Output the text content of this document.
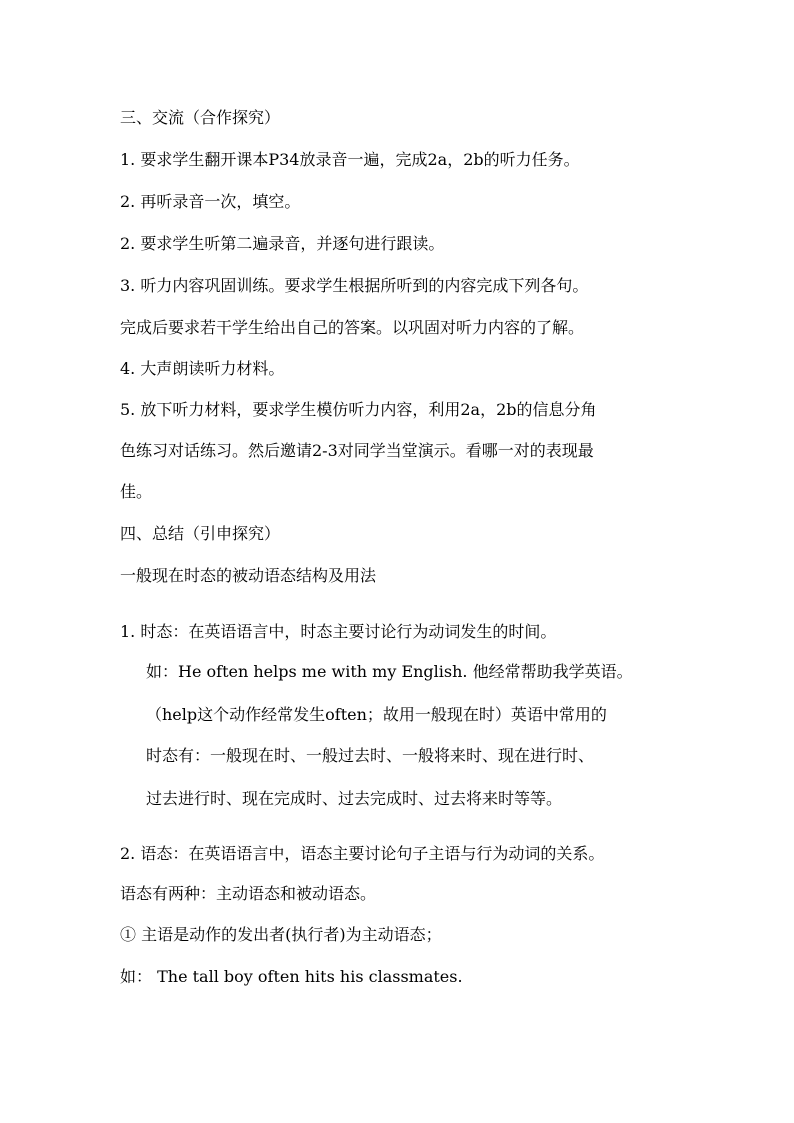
三、交流（合作探究）
1. 要求学生翻开课本P34放录音一遍，完成2a，2b的听力任务。
2. 再听录音一次，填空。
2. 要求学生听第二遍录音，并逐句进行跟读。
3. 听力内容巩固训练。要求学生根据所听到的内容完成下列各句。
完成后要求若干学生给出自己的答案。以巩固对听力内容的了解。
4. 大声朗读听力材料。
5. 放下听力材料，要求学生模仿听力内容，利用2a，2b的信息分角
色练习对话练习。然后邀请2-3对同学当堂演示。看哪一对的表现最
佳。
四、总结（引申探究）
一般现在时态的被动语态结构及用法
1. 时态：在英语语言中，时态主要讨论行为动词发生的时间。
如：He often helps me with my English. 他经常帮助我学英语。
（help这个动作经常发生often；故用一般现在时）英语中常用的
时态有：一般现在时、一般过去时、一般将来时、现在进行时、
过去进行时、现在完成时、过去完成时、过去将来时等等。
2. 语态：在英语语言中，语态主要讨论句子主语与行为动词的关系。
语态有两种：主动语态和被动语态。
① 主语是动作的发出者(执行者)为主动语态；
如： The tall boy often hits his classmates.
